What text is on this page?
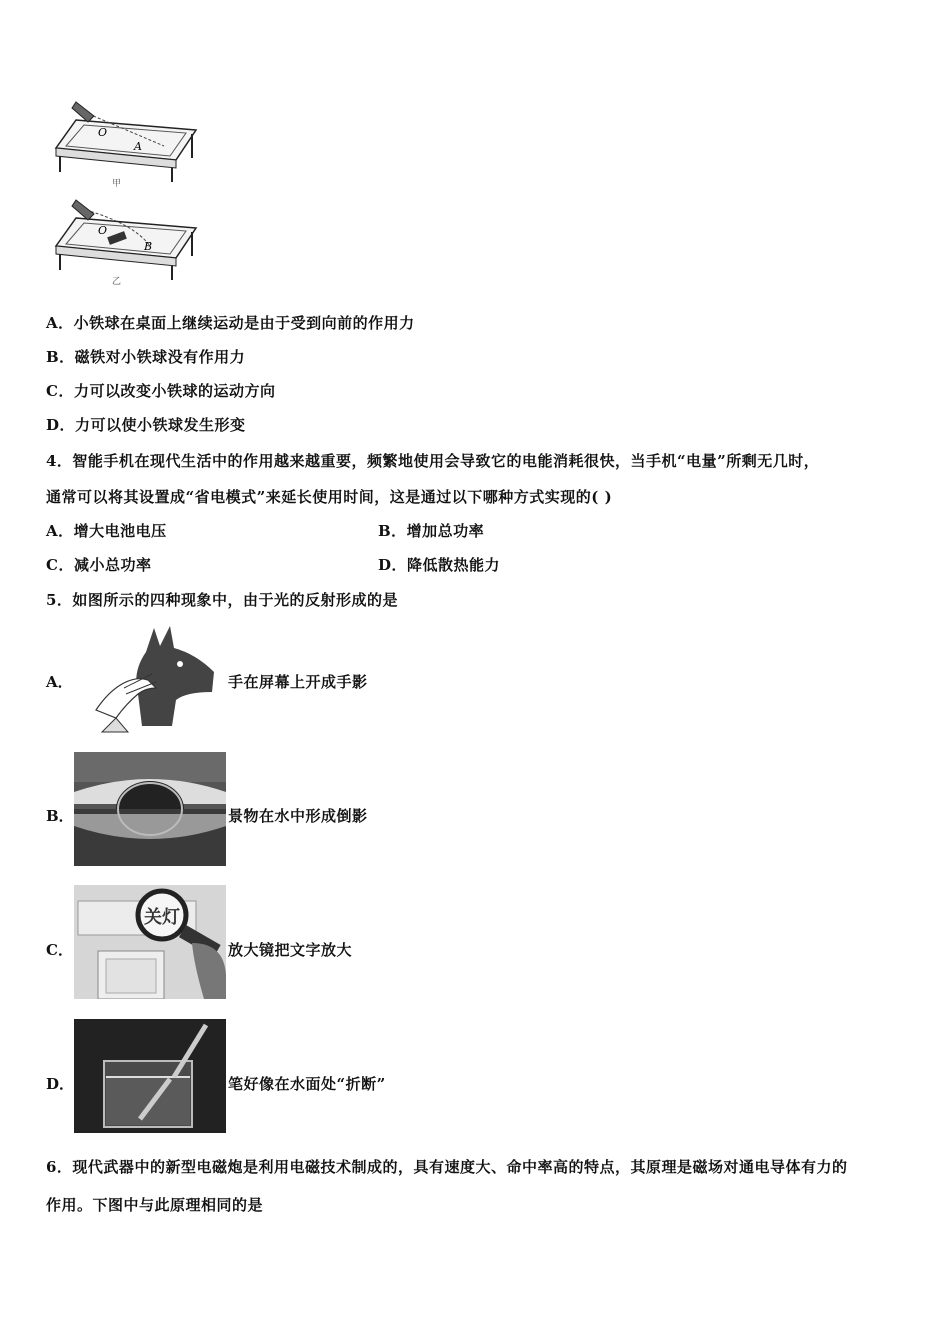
O
A
甲
O
B
乙
A．小铁球在桌面上继续运动是由于受到向前的作用力
B．磁铁对小铁球没有作用力
C．力可以改变小铁球的运动方向
D．力可以使小铁球发生形变
4．智能手机在现代生活中的作用越来越重要，频繁地使用会导致它的电能消耗很快，当手机“电量”所剩无几时，
通常可以将其设置成“省电模式”来延长使用时间，这是通过以下哪种方式实现的( )
A．增大电池电压	B．增加总功率
C．减小总功率	D．降低散热能力
5．如图所示的四种现象中，由于光的反射形成的是
A．	手在屏幕上开成手影
B．	景物在水中形成倒影
C．
关灯
放大镜把文字放大
D．	笔好像在水面处“折断”
6．现代武器中的新型电磁炮是利用电磁技术制成的，具有速度大、命中率高的特点，其原理是磁场对通电导体有力的
作用。下图中与此原理相同的是
